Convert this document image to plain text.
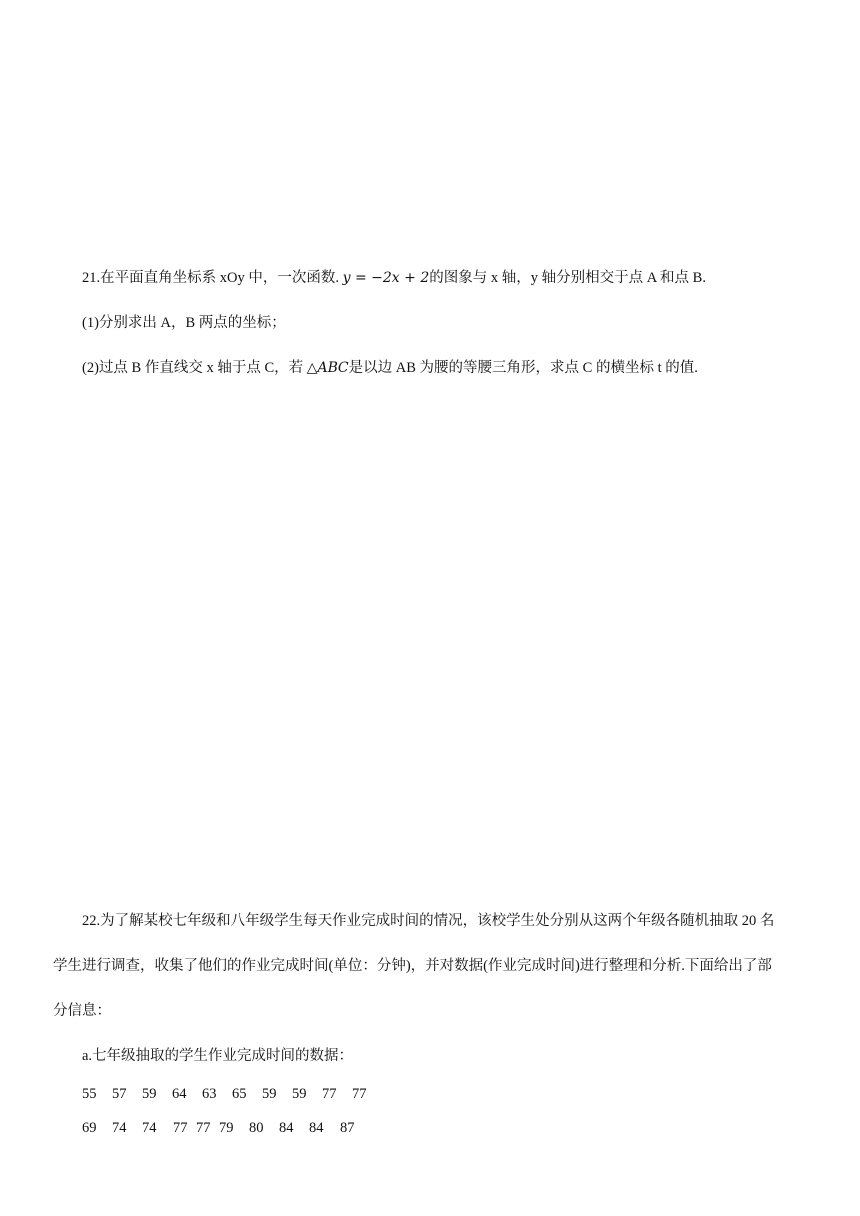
21.在平面直角坐标系 xOy 中，一次函数. 𝑦 = −2𝑥 + 2的图象与 x 轴，y 轴分别相交于点 A 和点 B.
(1)分别求出 A，B 两点的坐标；
(2)过点 B 作直线交 x 轴于点 C，若 △𝐴𝐵𝐶是以边 AB 为腰的等腰三角形，求点 C 的横坐标 t 的值.
22.为了解某校七年级和八年级学生每天作业完成时间的情况，该校学生处分别从这两个年级各随机抽取 20 名
学生进行调查，收集了他们的作业完成时间(单位：分钟)，并对数据(作业完成时间)进行整理和分析.下面给出了部
分信息：
a.七年级抽取的学生作业完成时间的数据：
55 57 59 64 63 65 59 59 77 77
69 74 74 77 77 79 80 84 84 87
